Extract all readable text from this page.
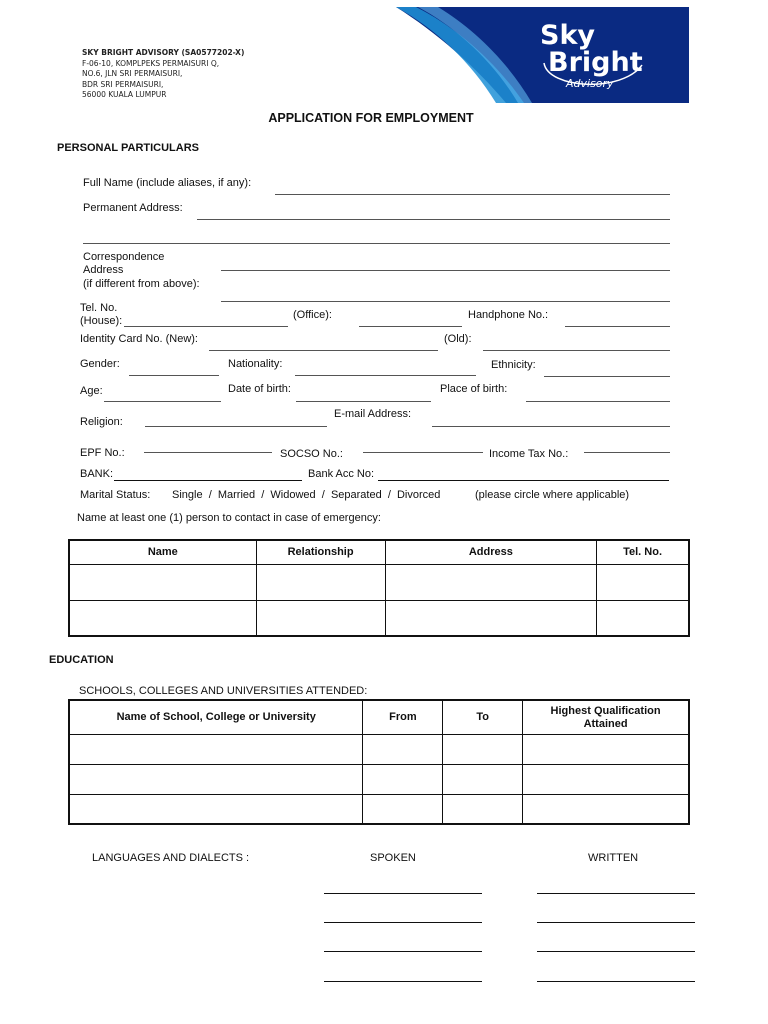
SKY BRIGHT ADVISORY (SA0577202-X)
F-06-10, KOMPLPEKS PERMAISURI Q,
NO.6, JLN SRI PERMAISURI,
BDR SRI PERMAISURI,
56000 KUALA LUMPUR
Sky
Bright
Advisory
APPLICATION FOR EMPLOYMENT
PERSONAL PARTICULARS
Full Name (include aliases, if any):
Permanent Address:
Correspondence
Address
(if different from above):
Tel. No.
(House):	(Office):	Handphone No.:
Identity Card No. (New):	(Old):
Gender:	Nationality:	Ethnicity:
Age:	Date of birth:	Place of birth:
E-mail Address:
Religion:
EPF No.:	SOCSO No.:	Income Tax No.:
BANK:	Bank Acc No:
Marital Status: Single  /  Married  /  Widowed  /  Separated  /  Divorced	(please circle where applicable)
Name at least one (1) person to contact in case of emergency:
Name	Relationship	Address	Tel. No.

EDUCATION
SCHOOLS, COLLEGES AND UNIVERSITIES ATTENDED:
Name of School, College or University	From	To	Highest Qualification Attained

LANGUAGES AND DIALECTS :	SPOKEN	WRITTEN
